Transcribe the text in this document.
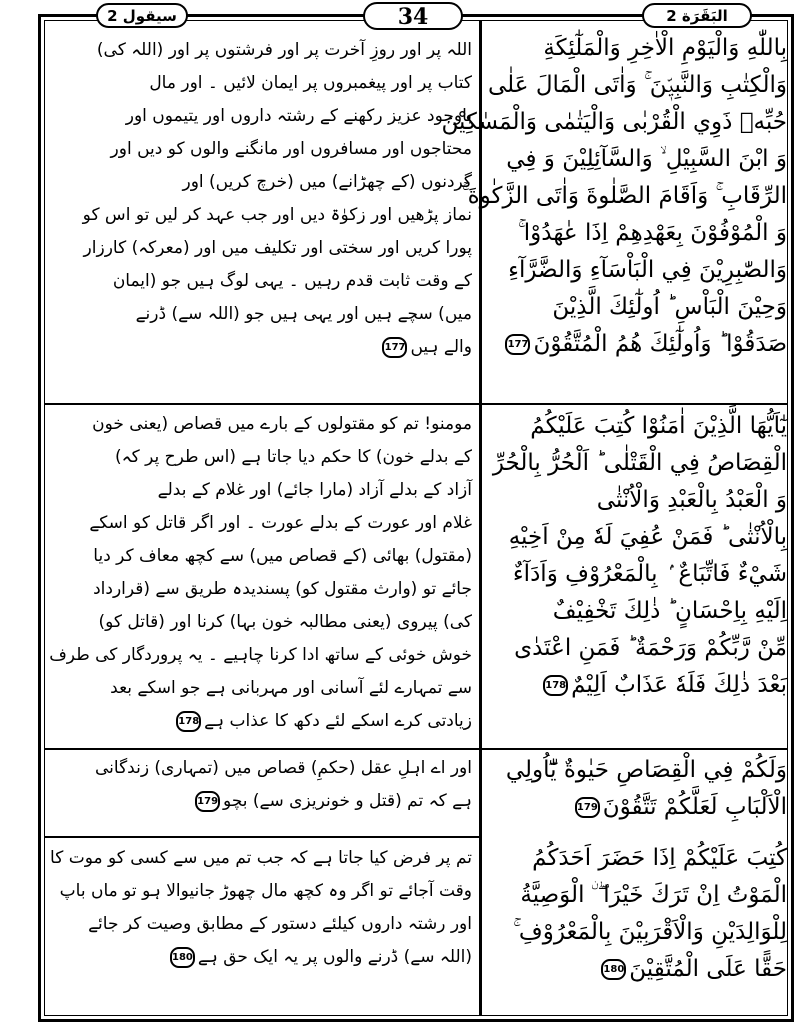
البَقَرَة 2
34
سیقول 2
بِاللّٰهِ وَالْيَوْمِ الْاٰخِرِ وَالْمَلٰٓئِكَةِ
وَالْكِتٰبِ وَالنَّبِيّٖنَ ۚ وَاٰتَى الْمَالَ عَلٰى
حُبِّهٖ ذَوِي الْقُرْبٰى وَالْيَتٰمٰى وَالْمَسٰكِيْنَ
وَ ابْنَ السَّبِيْلِ ۙ وَالسَّآئِلِيْنَ وَ فِي
الرِّقَابِ ۚ وَاَقَامَ الصَّلٰوةَ وَاٰتَى الزَّكٰوةَ ۚ
وَ الْمُوْفُوْنَ بِعَهْدِهِمْ اِذَا عٰهَدُوْا ۚ
وَالصّٰبِرِيْنَ فِي الْبَاْسَآءِ وَالضَّرَّآءِ
وَحِيْنَ الْبَاْسِ ؕ اُولٰٓئِكَ الَّذِيْنَ
صَدَقُوْا ؕ وَاُولٰٓئِكَ هُمُ الْمُتَّقُوْنَ177
اللہ پر اور روزِ آخرت پر اور فرشتوں پر اور (اللہ کی)
کتاب پر اور پیغمبروں پر ایمان لائیں ۔ اور مال
باوجود عزیز رکھنے کے رشتہ داروں اور یتیموں اور
محتاجوں اور مسافروں اور مانگنے والوں کو دیں اور
گردنوں (کے چھڑانے) میں (خرچ کریں) اور
نماز پڑھیں اور زکوٰۃ دیں اور جب عہد کر لیں تو اس کو
پورا کریں اور سختی اور تکلیف میں اور (معرکہ) کارزار
کے وقت ثابت قدم رہیں ۔ یہی لوگ ہیں جو (ایمان
میں) سچے ہیں اور یہی ہیں جو (اللہ سے) ڈرنے
والے ہیں177
يٰٓاَيُّهَا الَّذِيْنَ اٰمَنُوْا كُتِبَ عَلَيْكُمُ
الْقِصَاصُ فِي الْقَتْلٰى ؕ اَلْحُرُّ بِالْحُرِّ
وَ الْعَبْدُ بِالْعَبْدِ وَالْاُنْثٰى
بِالْاُنْثٰى ؕ فَمَنْ عُفِيَ لَهٗ مِنْ اَخِيْهِ
شَيْءٌ فَاتِّبَاعٌ ۢ بِالْمَعْرُوْفِ وَاَدَآءٌ
اِلَيْهِ بِاِحْسَانٍ ؕ ذٰلِكَ تَخْفِيْفٌ
مِّنْ رَّبِّكُمْ وَرَحْمَةٌ ؕ فَمَنِ اعْتَدٰى
بَعْدَ ذٰلِكَ فَلَهٗ عَذَابٌ اَلِيْمٌ178
مومنو! تم کو مقتولوں کے بارے میں قصاص (یعنی خون
کے بدلے خون) کا حکم دیا جاتا ہے (اس طرح پر کہ)
آزاد کے بدلے آزاد (مارا جائے) اور غلام کے بدلے
غلام اور عورت کے بدلے عورت ۔ اور اگر قاتل کو اسکے
(مقتول) بھائی (کے قصاص میں) سے کچھ معاف کر دیا
جائے تو (وارث مقتول کو) پسندیدہ طریق سے (قرارداد
کی) پیروی (یعنی مطالبہ خون بہا) کرنا اور (قاتل کو)
خوش خوئی کے ساتھ ادا کرنا چاہیے ۔ یہ پروردگار کی طرف
سے تمہارے لئے آسانی اور مہربانی ہے جو اسکے بعد
زیادتی کرے اسکے لئے دکھ کا عذاب ہے178
وَلَكُمْ فِي الْقِصَاصِ حَيٰوةٌ يّٰٓاُولِي
الْاَلْبَابِ لَعَلَّكُمْ تَتَّقُوْنَ179
اور اے اہلِ عقل (حکمِ) قصاص میں (تمہاری) زندگانی
ہے کہ تم (قتل و خونریزی سے) بچو179
كُتِبَ عَلَيْكُمْ اِذَا حَضَرَ اَحَدَكُمُ
الْمَوْتُ اِنْ تَرَكَ خَيْرَا ۖ ۨ الْوَصِيَّةُ
لِلْوَالِدَيْنِ وَالْاَقْرَبِيْنَ بِالْمَعْرُوْفِ ۚ
حَقًّا عَلَى الْمُتَّقِيْنَ180
تم پر فرض کیا جاتا ہے کہ جب تم میں سے کسی کو موت کا
وقت آجائے تو اگر وہ کچھ مال چھوڑ جانیوالا ہو تو ماں باپ
اور رشتہ داروں کیلئے دستور کے مطابق وصیت کر جائے
(اللہ سے) ڈرنے والوں پر یہ ایک حق ہے180
